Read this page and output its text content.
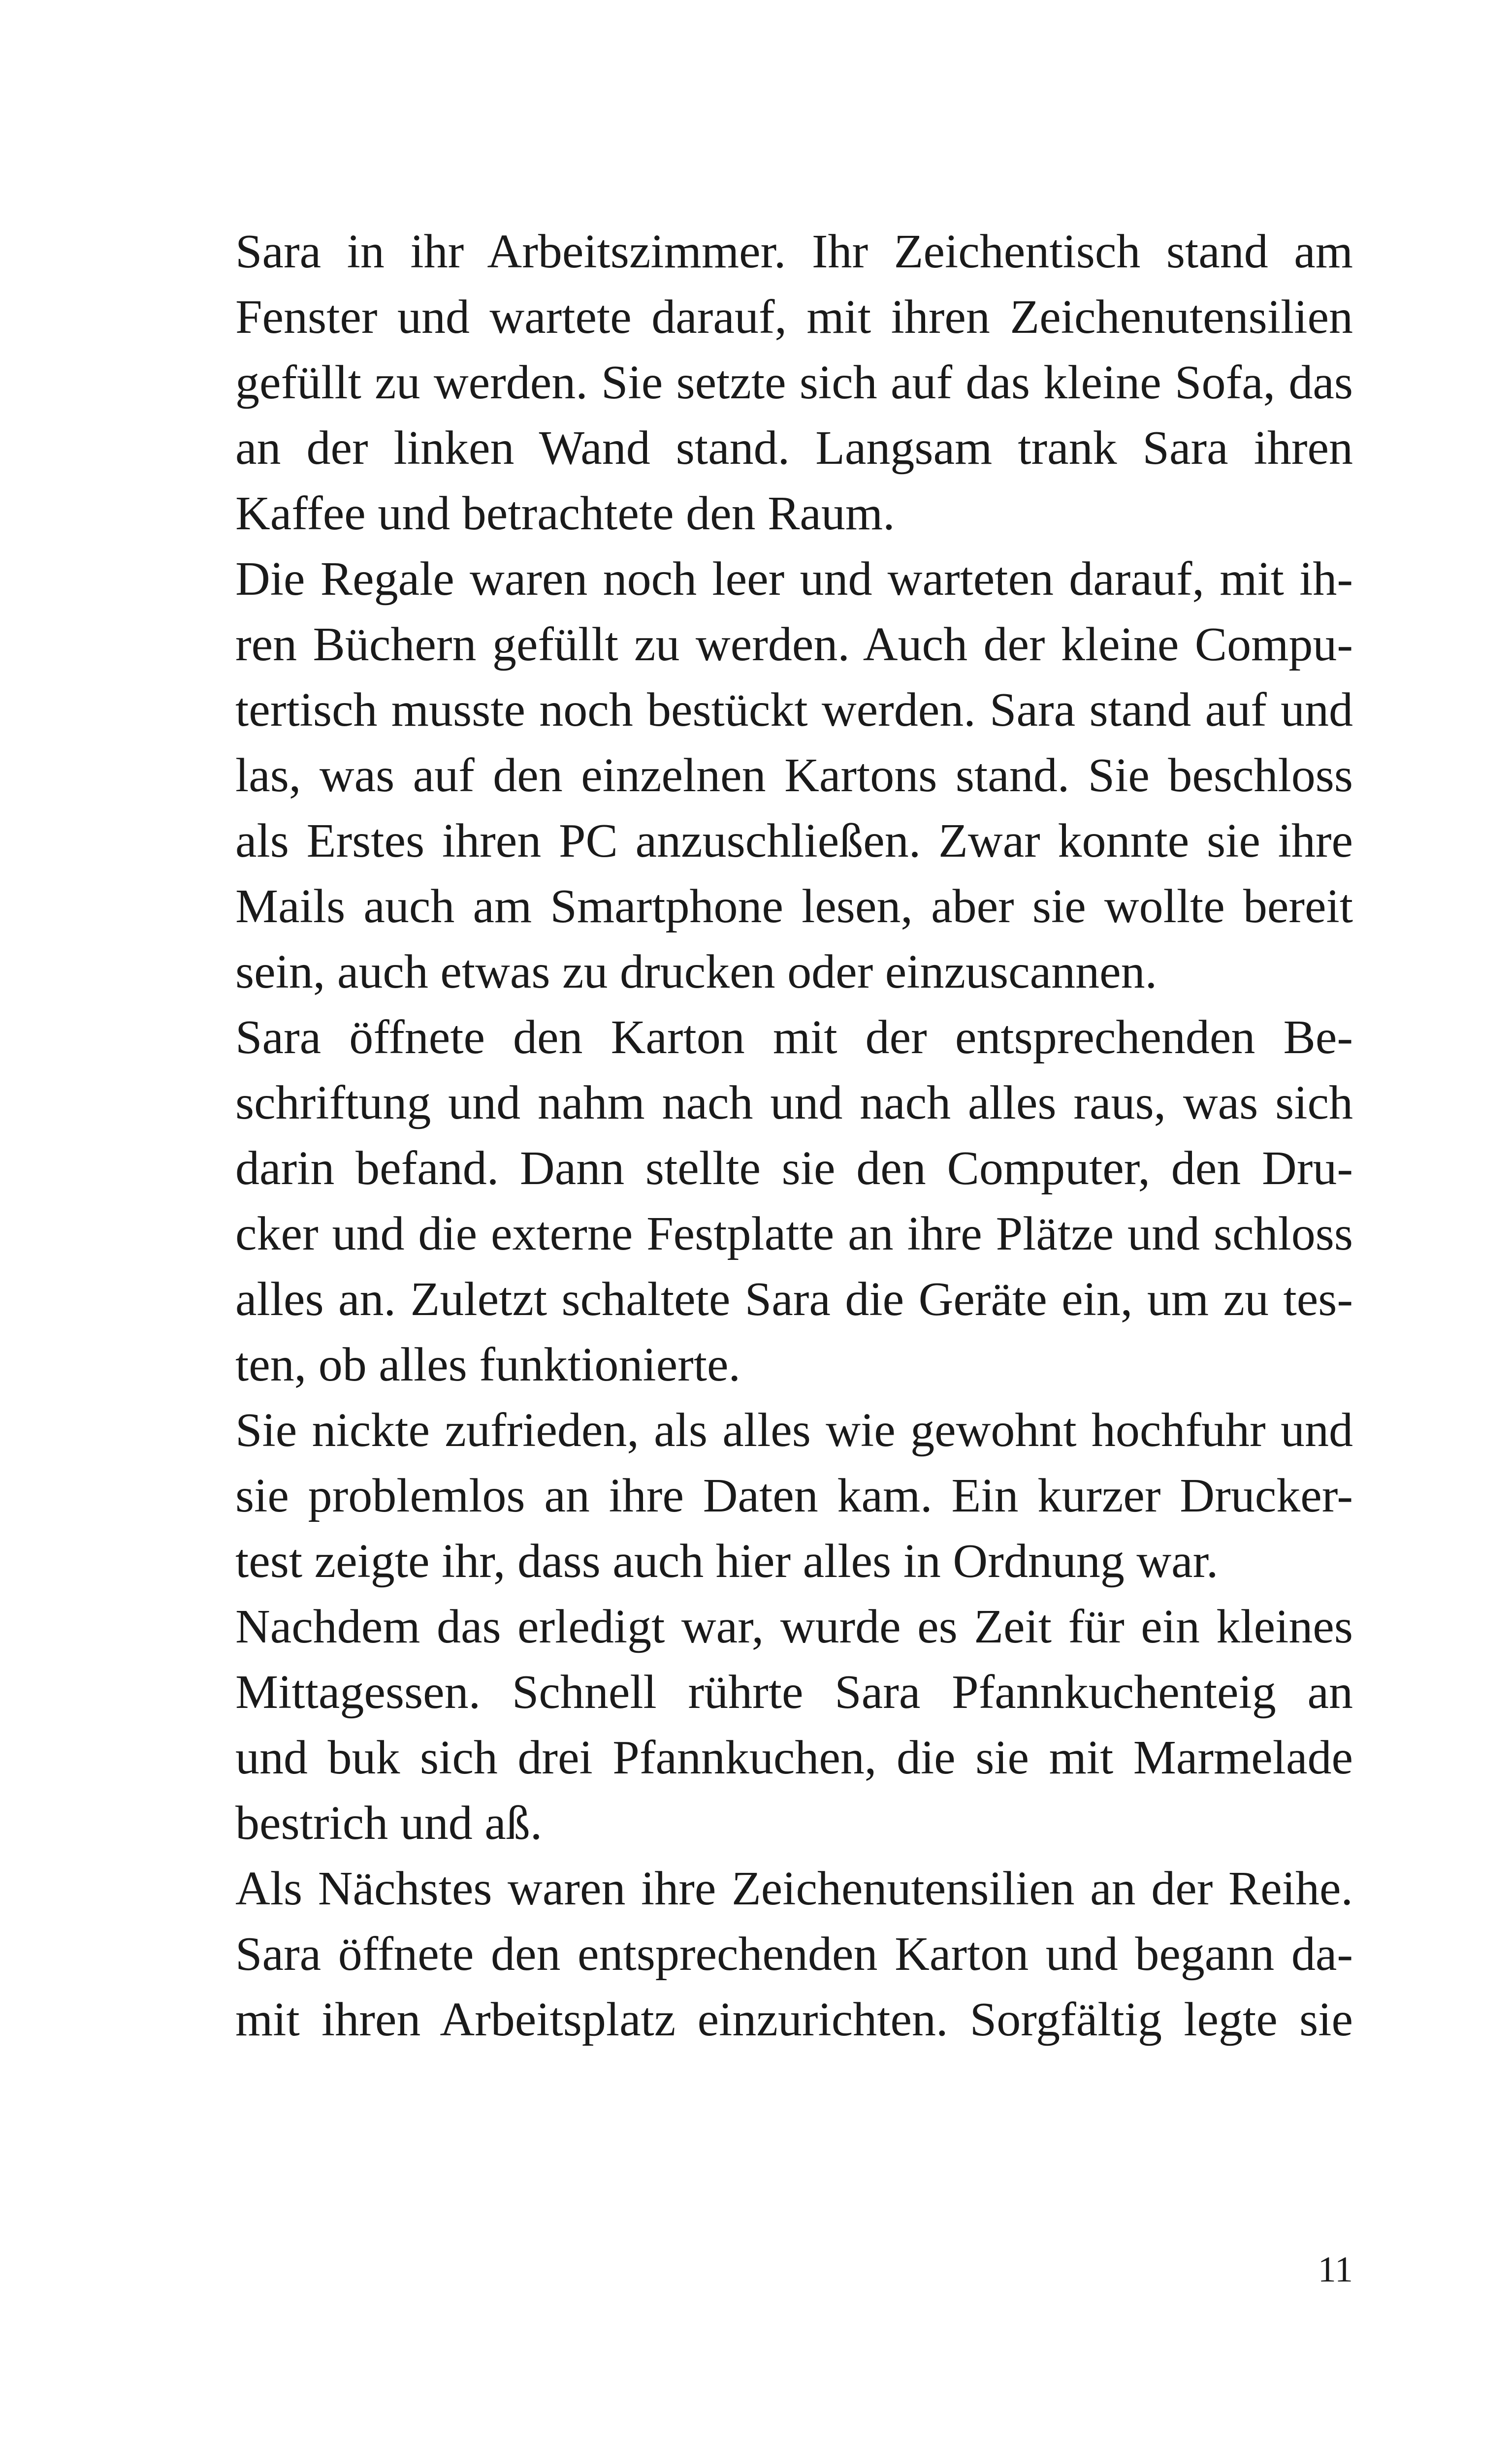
Sara in ihr Arbeitszimmer. Ihr Zeichentisch stand am
Fenster und wartete darauf, mit ihren Zeichenutensilien
gefüllt zu werden. Sie setzte sich auf das kleine Sofa, das
an der linken Wand stand. Langsam trank Sara ihren
Kaffee und betrachtete den Raum.
Die Regale waren noch leer und warteten darauf, mit ih-
ren Büchern gefüllt zu werden. Auch der kleine Compu-
tertisch musste noch bestückt werden. Sara stand auf und
las, was auf den einzelnen Kartons stand. Sie beschloss
als Erstes ihren PC anzuschließen. Zwar konnte sie ihre
Mails auch am Smartphone lesen, aber sie wollte bereit
sein, auch etwas zu drucken oder einzuscannen.
Sara öffnete den Karton mit der entsprechenden Be-
schriftung und nahm nach und nach alles raus, was sich
darin befand. Dann stellte sie den Computer, den Dru-
cker und die externe Festplatte an ihre Plätze und schloss
alles an. Zuletzt schaltete Sara die Geräte ein, um zu tes-
ten, ob alles funktionierte.
Sie nickte zufrieden, als alles wie gewohnt hochfuhr und
sie problemlos an ihre Daten kam. Ein kurzer Drucker-
test zeigte ihr, dass auch hier alles in Ordnung war.
Nachdem das erledigt war, wurde es Zeit für ein kleines
Mittagessen. Schnell rührte Sara Pfannkuchenteig an
und buk sich drei Pfannkuchen, die sie mit Marmelade
bestrich und aß.
Als Nächstes waren ihre Zeichenutensilien an der Reihe.
Sara öffnete den entsprechenden Karton und begann da-
mit ihren Arbeitsplatz einzurichten. Sorgfältig legte sie
11
